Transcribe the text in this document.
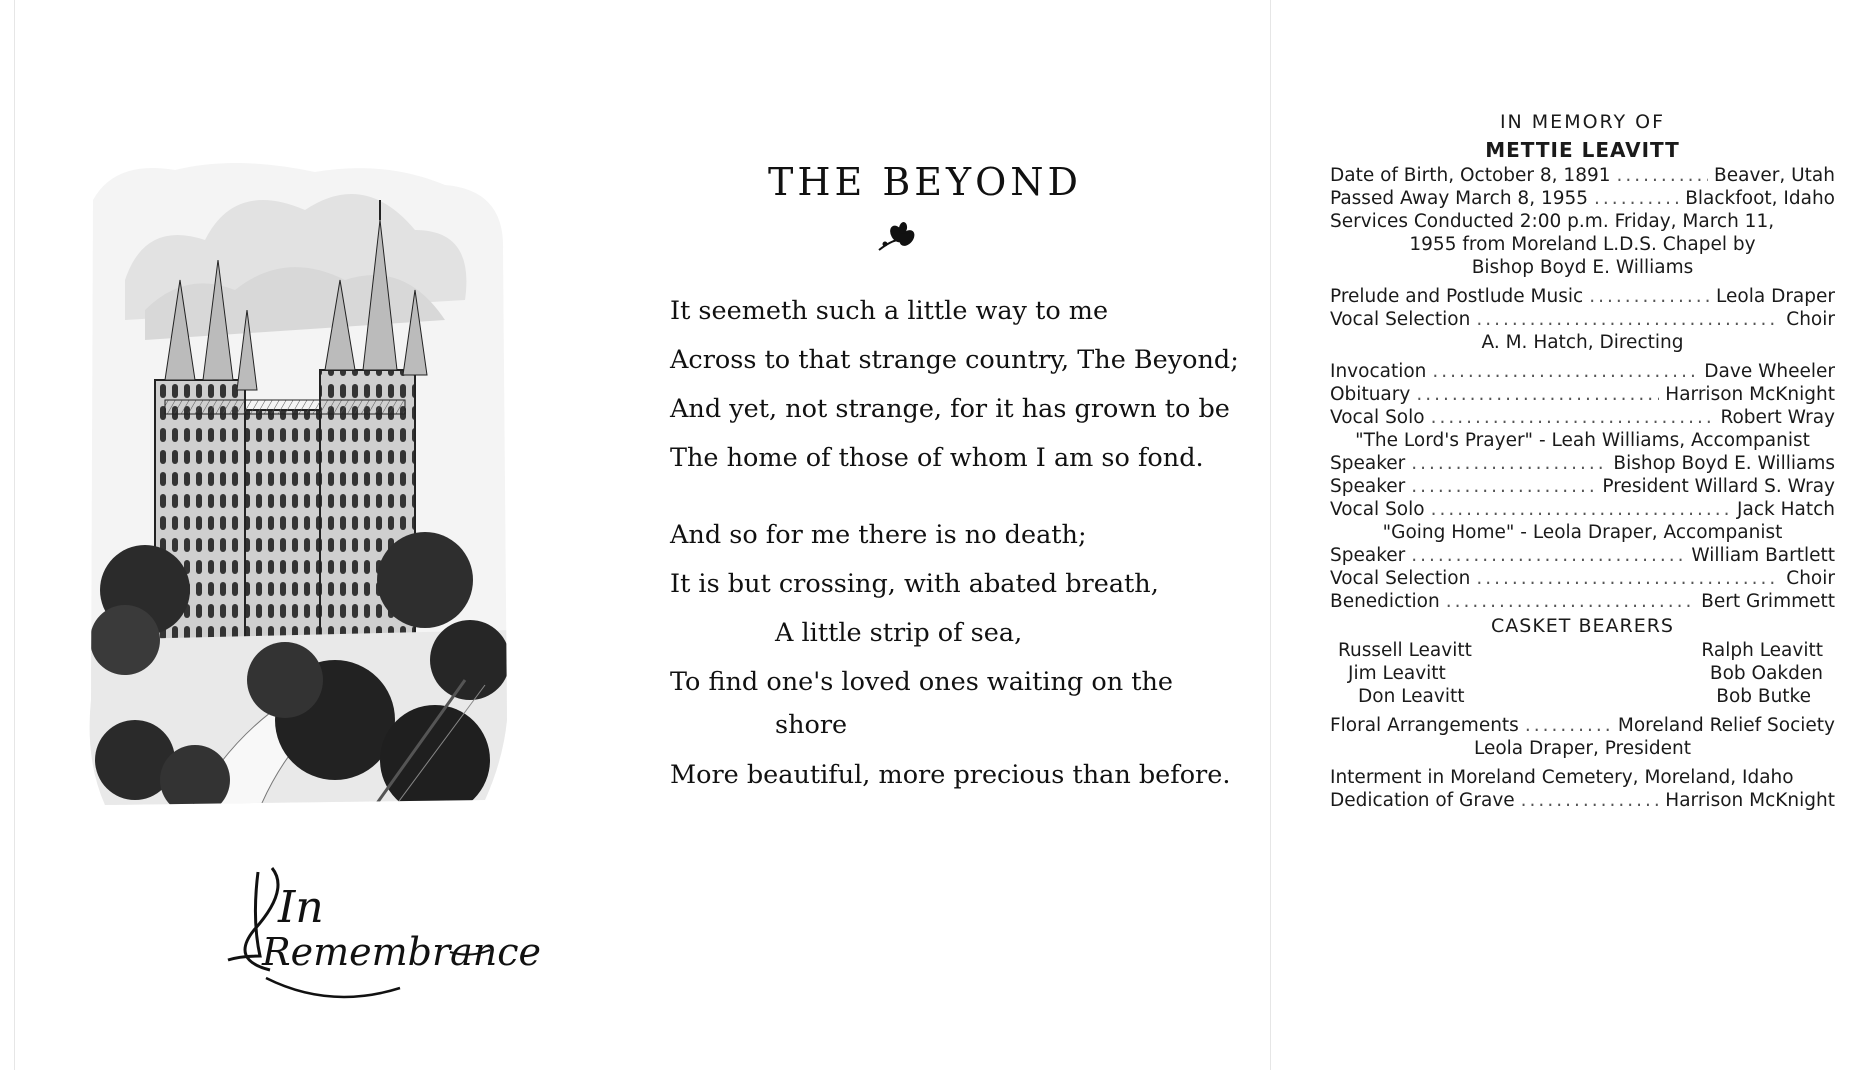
In
Remembrance
THE BEYOND
It seemeth such a little way to me
Across to that strange country, The Beyond;
And yet, not strange, for it has grown to be
The home of those of whom I am so fond.
And so for me there is no death;
It is but crossing, with abated breath,
A little strip of sea,
To find one's loved ones waiting on the
shore
More beautiful, more precious than before.
IN MEMORY OF
METTIE LEAVITT
Date of Birth, October 8, 1891 .....	Beaver, Utah
Passed Away March 8, 1955 .....	Blackfoot, Idaho
Services Conducted 2:00 p.m. Friday, March 11,
1955 from Moreland L.D.S. Chapel by
Bishop Boyd E. Williams
Prelude and Postlude Music .....	Leola Draper
Vocal Selection .....	Choir
A. M. Hatch, Directing
Invocation .....	Dave Wheeler
Obituary .....	Harrison McKnight
Vocal Solo .....	Robert Wray
"The Lord's Prayer" - Leah Williams, Accompanist
Speaker .....	Bishop Boyd E. Williams
Speaker .....	President Willard S. Wray
Vocal Solo .....	Jack Hatch
"Going Home" - Leola Draper, Accompanist
Speaker .....	William Bartlett
Vocal Selection .....	Choir
Benediction .....	Bert Grimmett
CASKET BEARERS
Russell Leavitt	Ralph Leavitt
Jim Leavitt	Bob Oakden
Don Leavitt	Bob Butke
Floral Arrangements .....	Moreland Relief Society
Leola Draper, President
Interment in Moreland Cemetery, Moreland, Idaho
Dedication of Grave .....	Harrison McKnight
